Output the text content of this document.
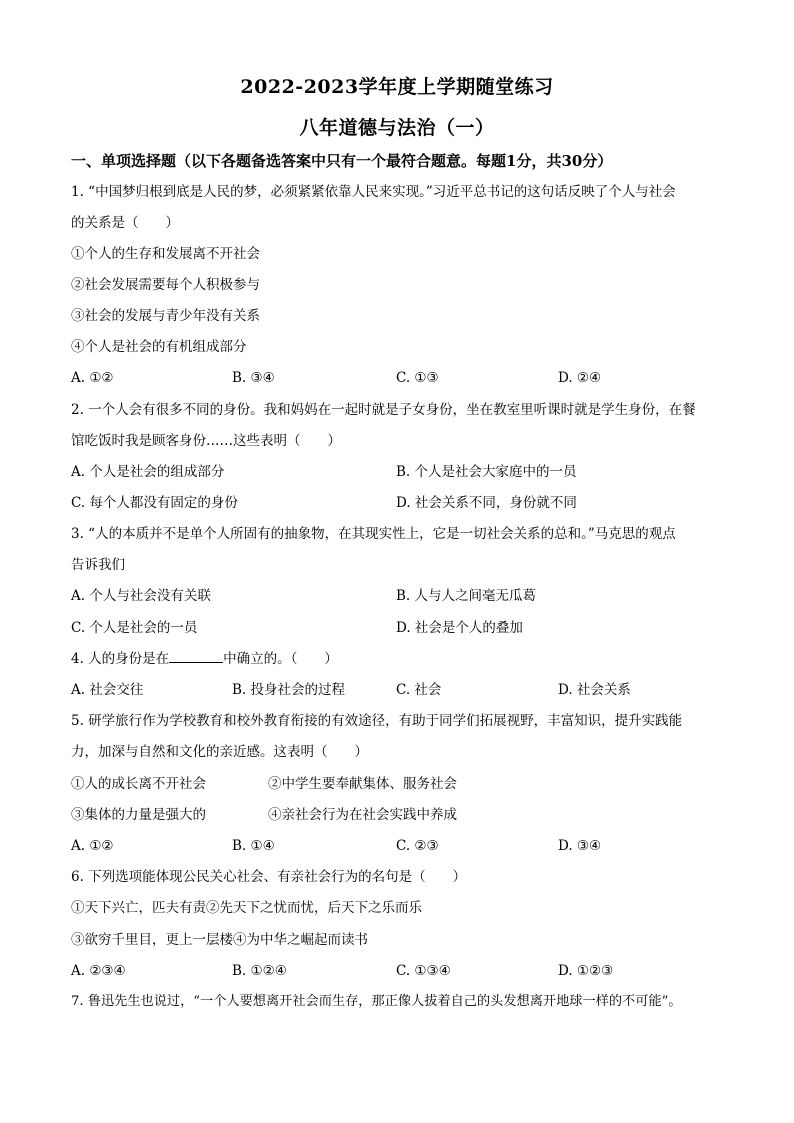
2022-2023学年度上学期随堂练习
八年道德与法治（一）
一、单项选择题（以下各题备选答案中只有一个最符合题意。每题1分，共30分）
1. “中国梦归根到底是人民的梦，必须紧紧依靠人民来实现。”习近平总书记的这句话反映了个人与社会
的关系是（　　）
①个人的生存和发展离不开社会
②社会发展需要每个人积极参与
③社会的发展与青少年没有关系
④个人是社会的有机组成部分
A. ①②	B. ③④	C. ①③	D. ②④
2. 一个人会有很多不同的身份。我和妈妈在一起时就是子女身份，坐在教室里听课时就是学生身份，在餐
馆吃饭时我是顾客身份……这些表明（　　）
A. 个人是社会的组成部分	B. 个人是社会大家庭中的一员
C. 每个人都没有固定的身份	D. 社会关系不同，身份就不同
3. “人的本质并不是单个人所固有的抽象物，在其现实性上，它是一切社会关系的总和。”马克思的观点
告诉我们
A. 个人与社会没有关联	B. 人与人之间毫无瓜葛
C. 个人是社会的一员	D. 社会是个人的叠加
4. 人的身份是在	中确立的。（　　）
A. 社会交往	B. 投身社会的过程	C. 社会	D. 社会关系
5. 研学旅行作为学校教育和校外教育衔接的有效途径，有助于同学们拓展视野，丰富知识，提升实践能
力，加深与自然和文化的亲近感。这表明（　　）
①人的成长离不开社会	②中学生要奉献集体、服务社会
③集体的力量是强大的	④亲社会行为在社会实践中养成
A. ①②	B. ①④	C. ②③	D. ③④
6. 下列选项能体现公民关心社会、有亲社会行为的名句是（　　）
①天下兴亡，匹夫有责②先天下之忧而忧，后天下之乐而乐
③欲穷千里目，更上一层楼④为中华之崛起而读书
A. ②③④	B. ①②④	C. ①③④	D. ①②③
7. 鲁迅先生也说过，“一个人要想离开社会而生存，那正像人拔着自己的头发想离开地球一样的不可能”。
